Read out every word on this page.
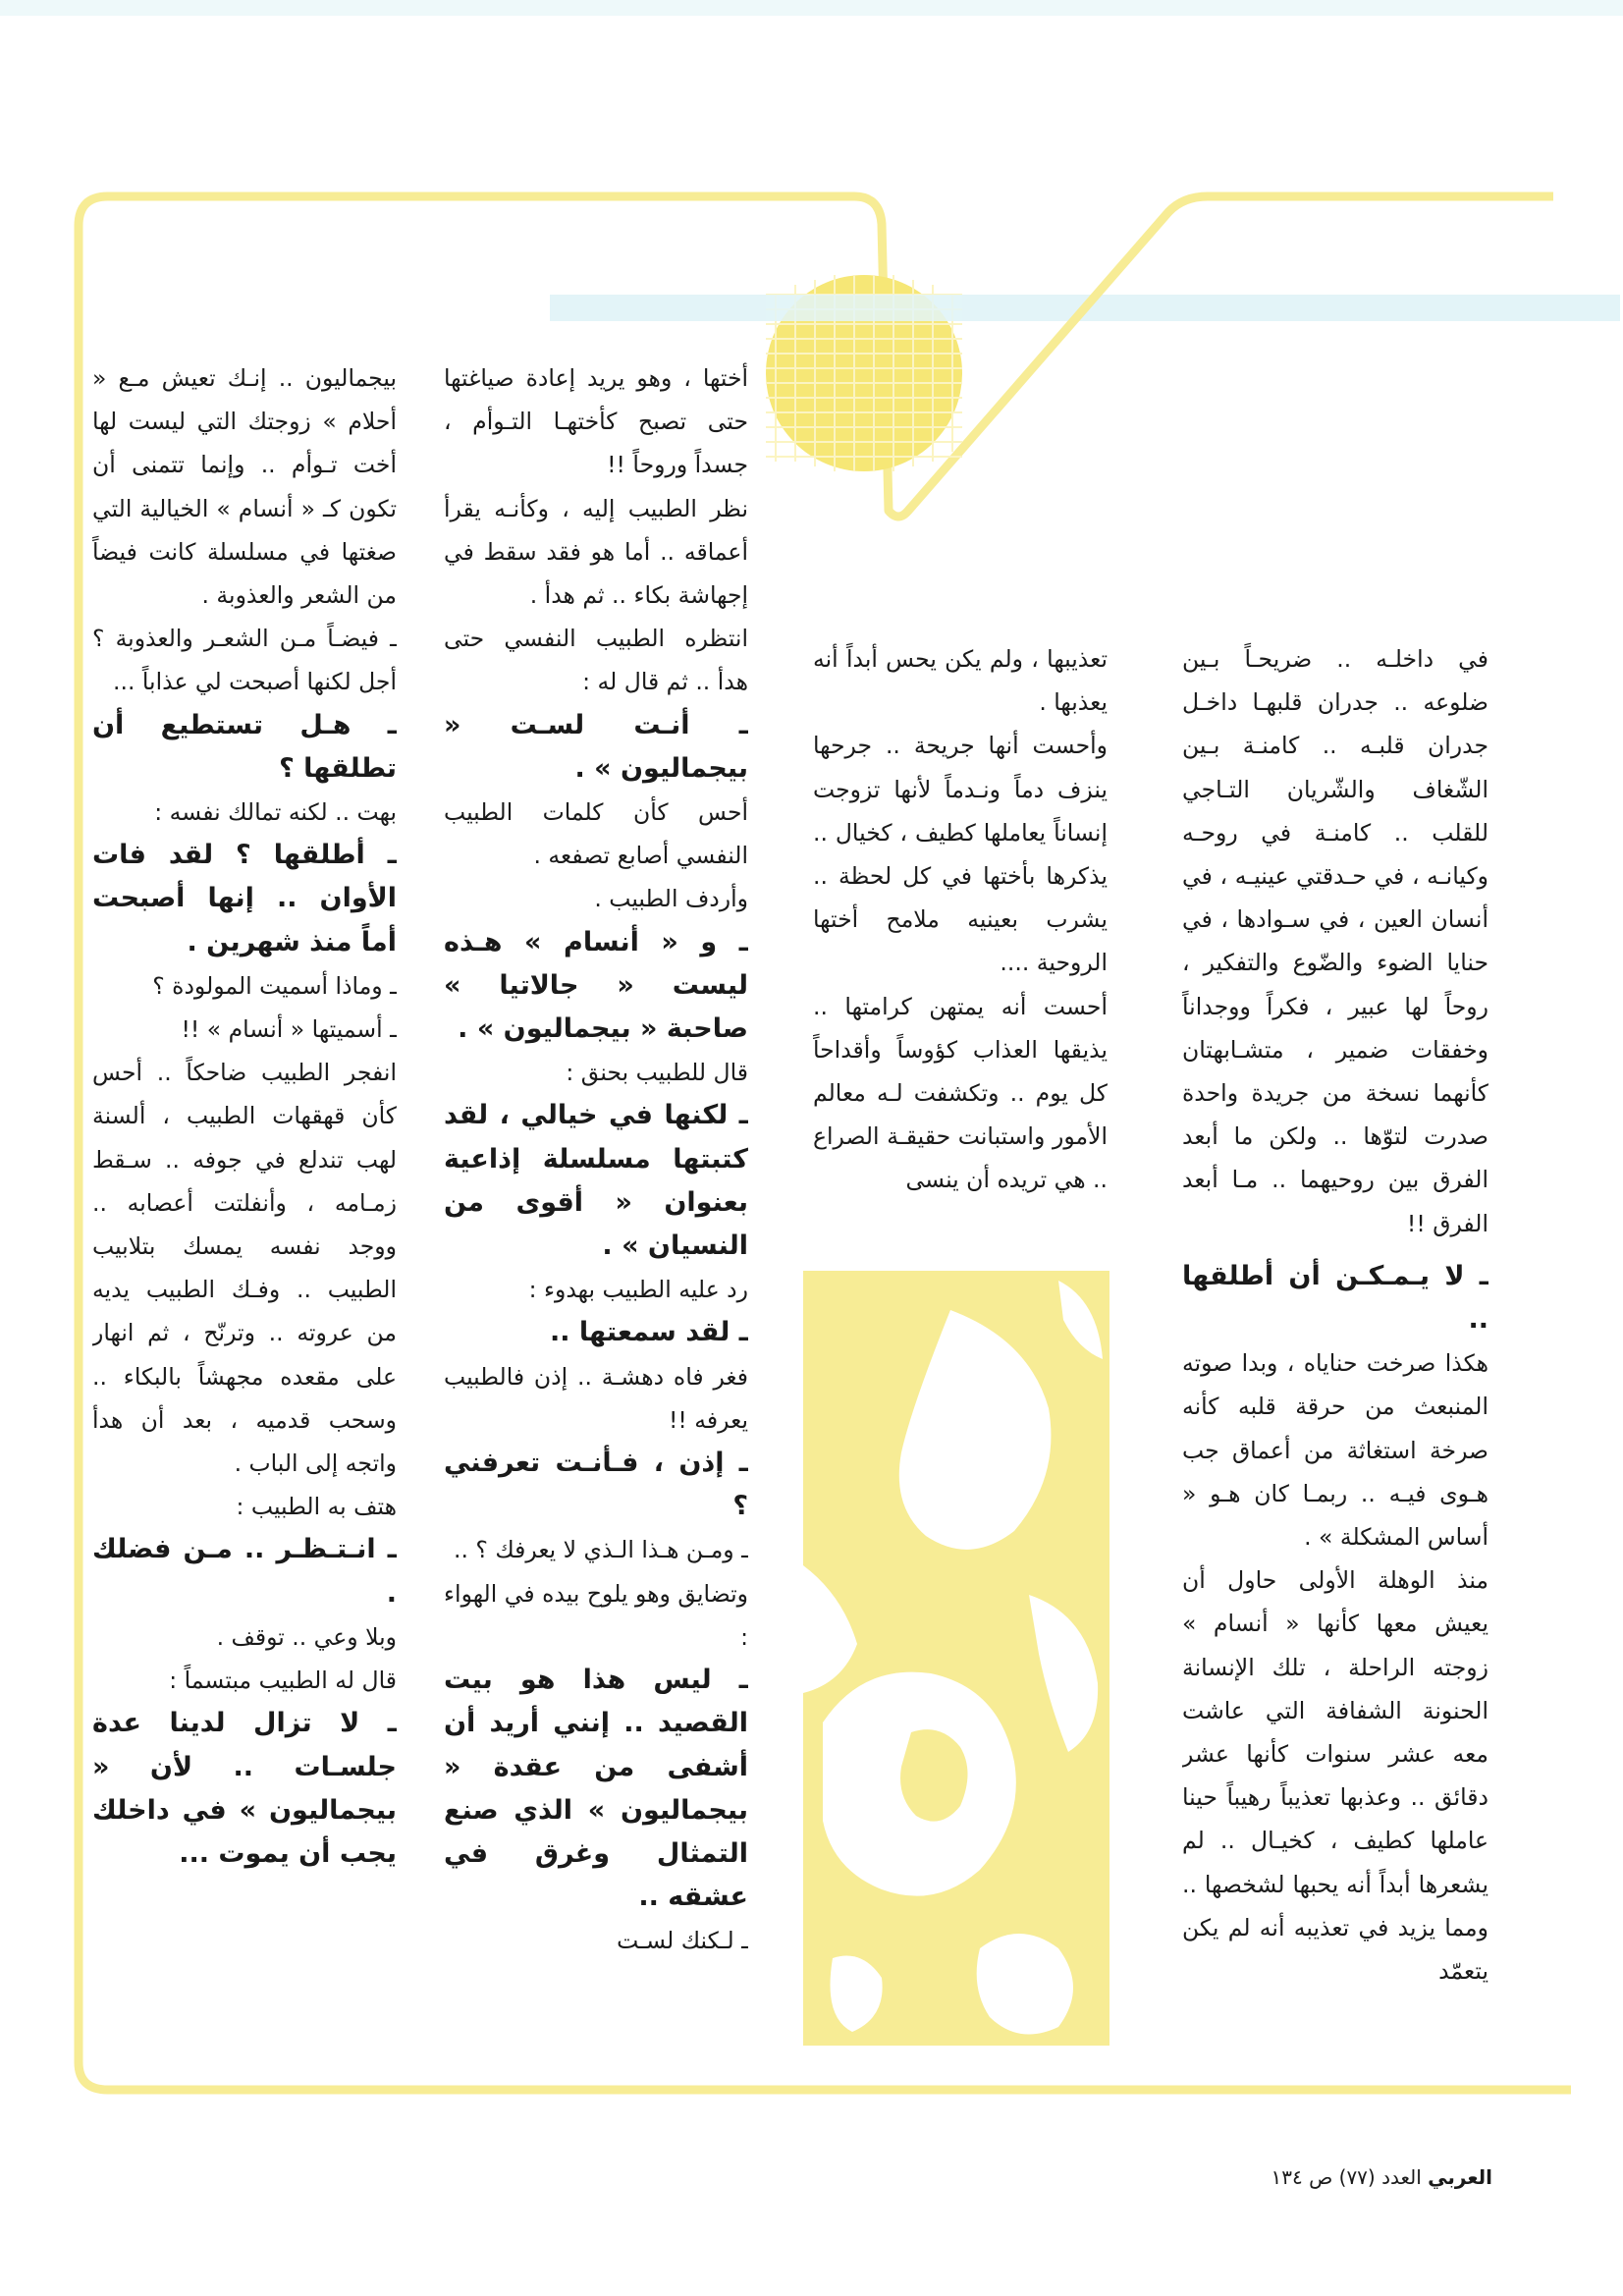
في داخلـه .. ضريحـاً بـين ضلوعه .. جدران قلبهـا داخـل جدران قلبـه .. كامنـة بـين الشّغاف والشّريان التـاجي للقلب .. كامنـة في روحـه وكيانـه ، في حـدقتي عينيـه ، في أنسان العين ، في سـوادها ، في حنايا الضوء والضّوع والتفكير ، روحاً لها عبير ، فكراً ووجداناً وخفقات ضمير ، متشـابهتان كأنهما نسخة من جريدة واحدة صدرت لتوّها .. ولكن ما أبعد الفرق بين روحيهما .. مـا أبعد الفرق !!

ـ لا يـمـكـن أن أطلقها ..

هكذا صرخت حناياه ، وبدا صوته المنبعث من حرقة قلبه كأنه صرخة استغاثة من أعماق جب هـوى فيـه .. ربمـا كان هـو « أساس المشكلة » .

منذ الوهلة الأولى حاول أن يعيش معها كأنها « أنسام » زوجته الراحلة ، تلك الإنسانة الحنونة الشفافة التي عاشت معه عشر سنوات كأنها عشر دقائق .. وعذبها تعذيباً رهيباً حينا عاملها كطيف ، كخيـال .. لم يشعرها أبداً أنه يحبها لشخصها .. ومما يزيد في تعذيبه أنه لم يكن يتعمّد

تعذيبها ، ولم يكن يحس أبداً أنه يعذبها .

وأحست أنها جريحة .. جرحها ينزف دماً ونـدماً لأنها تزوجت إنساناً يعاملها كطيف ، كخيال .. يذكرها بأختها في كل لحظة .. يشرب بعينيه ملامح أختها الروحية ....

أحست أنه يمتهن كرامتها .. يذيقها العذاب كؤوساً وأقداحاً كل يوم .. وتكشفت لـه معالم الأمور واستبانت حقيقـة الصراع .. هي تريده أن ينسى

أختها ، وهو يريد إعادة صياغتها حتى تصبح كأختهـا التـوأم ، جسداً وروحاً !!

نظر الطبيب إليه ، وكأنـه يقرأ أعماقه .. أما هو فقد سقط في إجهاشة بكاء .. ثم هدأ .

انتظره الطبيب النفسي حتى هدأ .. ثم قال له :

ـ أنـت لسـت « بيجماليون » .

أحس كأن كلمات الطبيب النفسي أصابع تصفعه .

وأردف الطبيب .

ـ و « أنسام » هـذه ليست « جالاتيا » صاحبة « بيجماليون » .

قال للطبيب بحنق :

ـ لكنها في خيالي ، لقد كتبتها مسلسلة إذاعية بعنوان « أقوى من النسيان » .

رد عليه الطبيب بهدوء :

ـ لقد سمعتها ..

فغر فاه دهشـة .. إذن فالطبيب يعرفه !!

ـ إذن ، فـأنـت تعرفني ؟

ـ ومـن هـذا الـذي لا يعرفك ؟ ..

وتضايق وهو يلوح بيده في الهواء :

ـ ليس هذا هو بيت القصيد .. إنني أريد أن أشفى من عقدة « بيجماليون » الذي صنع التمثال وغرق في عشقه ..

ـ لـكنك لسـت

بيجماليون .. إنـك تعيش مـع « أحلام » زوجتك التي ليست لها أخت تـوأم .. وإنما تتمنى أن تكون كـ « أنسام » الخيالية التي صغتها في مسلسلة كانت فيضاً من الشعر والعذوبة .

ـ فيضـاً مـن الشعـر والعذوبة ؟ أجل لكنها أصبحت لي عذاباً ...

ـ هـل تستطيع أن تطلقها ؟

بهت .. لكنه تمالك نفسه :

ـ أطلقها ؟ لقد فات الأوان .. إنها أصبحت أماً منذ شهرين .

ـ وماذا أسميت المولودة ؟

ـ أسميتها « أنسام » !!

انفجر الطبيب ضاحكاً .. أحس كأن قهقهات الطبيب ، ألسنة لهب تندلع في جوفه .. سـقط زمـامه ، وأنفلتت أعصابه .. ووجد نفسه يمسك بتلابيب الطبيب .. وفـك الطبيب يديه من عروته .. وترنّح ، ثم انهار على مقعده مجهشاً بالبكاء .. وسحب قدميه ، بعد أن هدأ واتجه إلى الباب .

هتف به الطبيب :

ـ انـتـظـر .. مـن فضلك .

وبلا وعي .. توقف .

قال له الطبيب مبتسماً :

ـ لا تزال لدينا عدة جلسـات .. لأن « بيجماليون » في داخلك يجب أن يموت ...

العربي العدد (٧٧) ص ١٣٤
